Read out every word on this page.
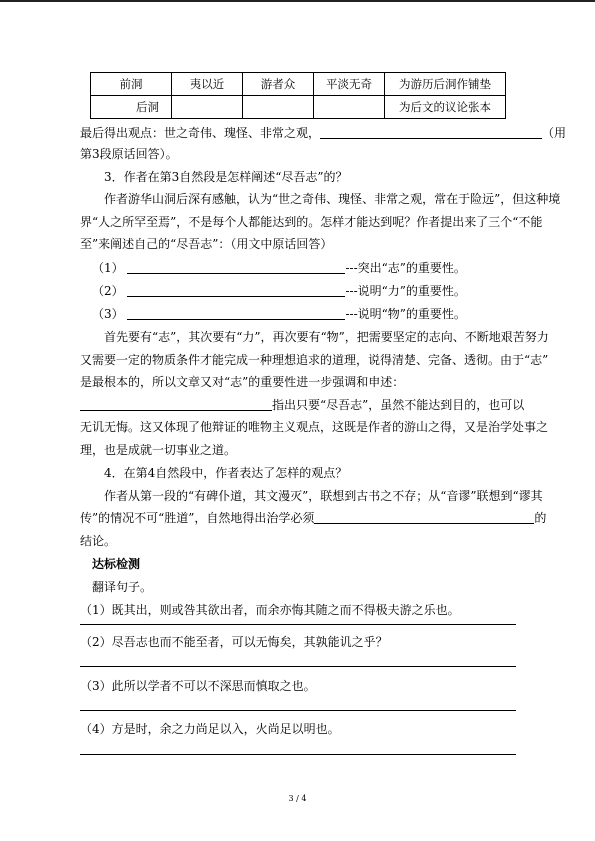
前洞	夷以近	游者众	平淡无奇	为游历后洞作铺垫
后洞				为后文的议论张本
最后得出观点：世之奇伟、瑰怪、非常之观，	（用
第3段原话回答）。
3．作者在第3自然段是怎样阐述“尽吾志”的？
作者游华山洞后深有感触，认为“世之奇伟、瑰怪、非常之观，常在于险远”，但这种境
界“人之所罕至焉”，不是每个人都能达到的。怎样才能达到呢？作者提出来了三个“不能
至”来阐述自己的“尽吾志”：（用文中原话回答）
（1）	---突出“志”的重要性。
（2）	---说明“力”的重要性。
（3）	---说明“物”的重要性。
首先要有“志”，其次要有“力”，再次要有“物”，把需要坚定的志向、不断地艰苦努力
又需要一定的物质条件才能完成一种理想追求的道理，说得清楚、完备、透彻。由于“志”
是最根本的，所以文章又对“志”的重要性进一步强调和申述：
指出只要“尽吾志”，虽然不能达到目的，也可以
无讥无悔。这又体现了他辩证的唯物主义观点，这既是作者的游山之得，又是治学处事之
理，也是成就一切事业之道。
4．在第4自然段中，作者表达了怎样的观点？
作者从第一段的“有碑仆道，其文漫灭”，联想到古书之不存；从“音谬”联想到“谬其
传”的情况不可“胜道”，自然地得出治学必须	的
结论。
达标检测
翻译句子。
（1）既其出，则或咎其欲出者，而余亦悔其随之而不得极夫游之乐也。
（2）尽吾志也而不能至者，可以无悔矣，其孰能讥之乎？
（3）此所以学者不可以不深思而慎取之也。
（4）方是时，余之力尚足以入，火尚足以明也。
3 / 4
